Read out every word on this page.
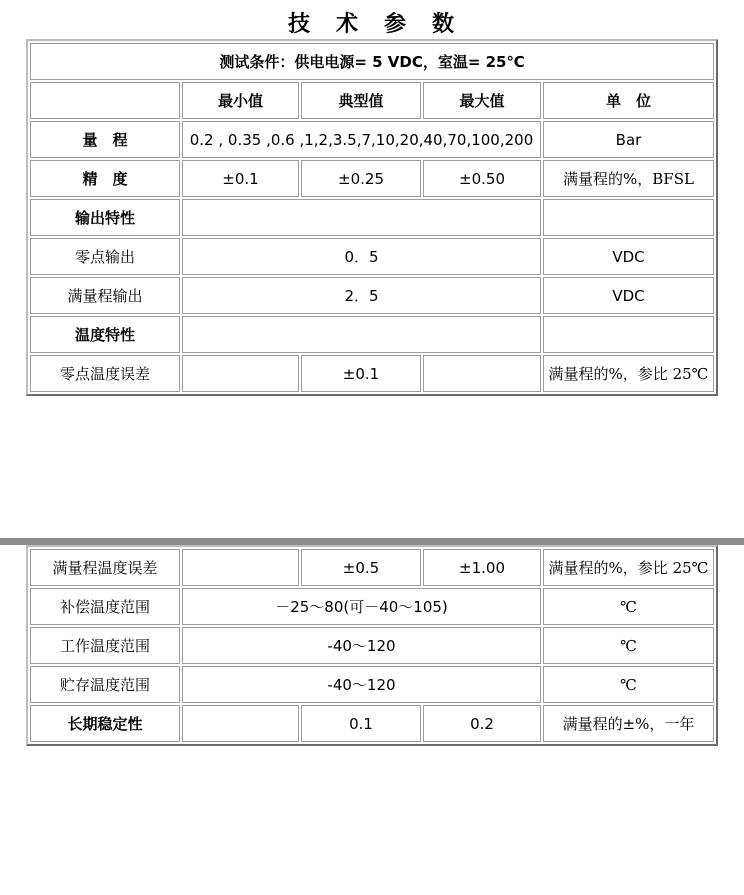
技　术　参　数
测试条件：供电电源= 5 VDC，室温= 25℃				
	最小值	典型值	最大值	单　位
量　程	0.2 , 0.35 ,0.6 ,1,2,3.5,7,10,20,40,70,100,200			Bar
精　度	±0.1	±0.25	±0.50	满量程的%，BFSL
输出特性				
零点输出	0．5			VDC
满量程输出	2．5			VDC
温度特性				
零点温度误差		±0.1		满量程的%，参比 25℃
满量程温度误差		±0.5	±1.00	满量程的%，参比 25℃
补偿温度范围	－25～80(可－40～105)			℃
工作温度范围	-40～120			℃
贮存温度范围	-40～120			℃
长期稳定性		0.1	0.2	满量程的±%，一年
